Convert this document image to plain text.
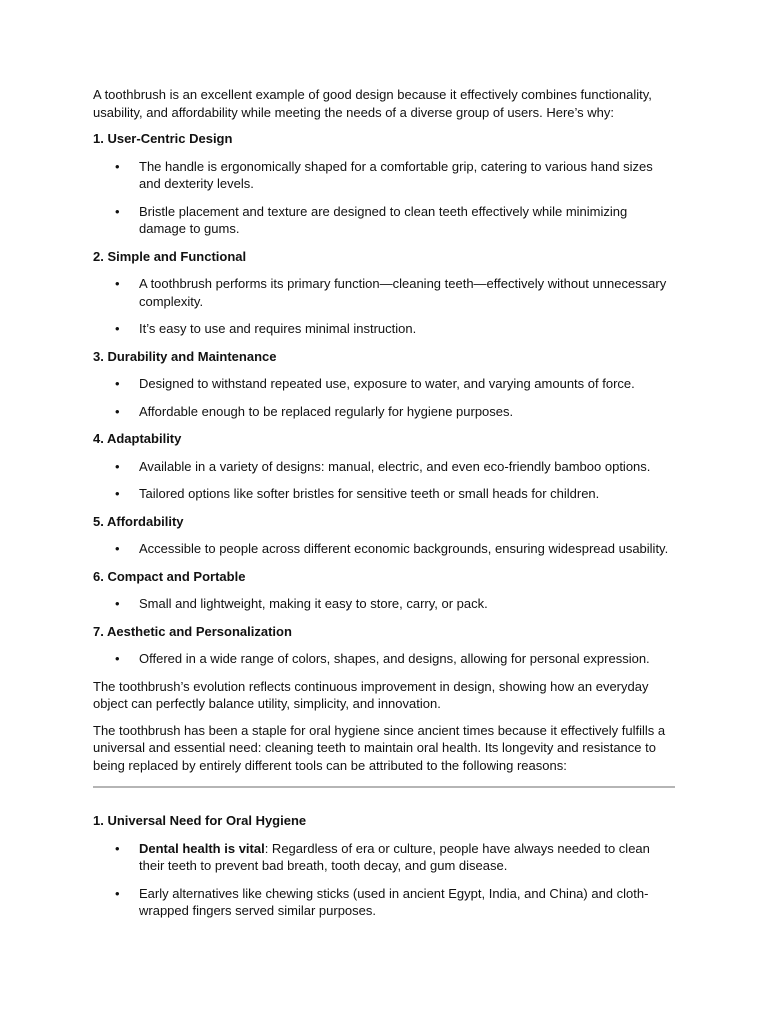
A toothbrush is an excellent example of good design because it effectively combines functionality, usability, and affordability while meeting the needs of a diverse group of users. Here’s why:

1. User-Centric Design
• The handle is ergonomically shaped for a comfortable grip, catering to various hand sizes and dexterity levels.
• Bristle placement and texture are designed to clean teeth effectively while minimizing damage to gums.
2. Simple and Functional
• A toothbrush performs its primary function—cleaning teeth—effectively without unnecessary complexity.
• It’s easy to use and requires minimal instruction.
3. Durability and Maintenance
• Designed to withstand repeated use, exposure to water, and varying amounts of force.
• Affordable enough to be replaced regularly for hygiene purposes.
4. Adaptability
• Available in a variety of designs: manual, electric, and even eco-friendly bamboo options.
• Tailored options like softer bristles for sensitive teeth or small heads for children.
5. Affordability
• Accessible to people across different economic backgrounds, ensuring widespread usability.
6. Compact and Portable
• Small and lightweight, making it easy to store, carry, or pack.
7. Aesthetic and Personalization
• Offered in a wide range of colors, shapes, and designs, allowing for personal expression.

The toothbrush’s evolution reflects continuous improvement in design, showing how an everyday object can perfectly balance utility, simplicity, and innovation.

The toothbrush has been a staple for oral hygiene since ancient times because it effectively fulfills a universal and essential need: cleaning teeth to maintain oral health. Its longevity and resistance to being replaced by entirely different tools can be attributed to the following reasons:

1. Universal Need for Oral Hygiene
• Dental health is vital: Regardless of era or culture, people have always needed to clean their teeth to prevent bad breath, tooth decay, and gum disease.
• Early alternatives like chewing sticks (used in ancient Egypt, India, and China) and cloth-wrapped fingers served similar purposes.
